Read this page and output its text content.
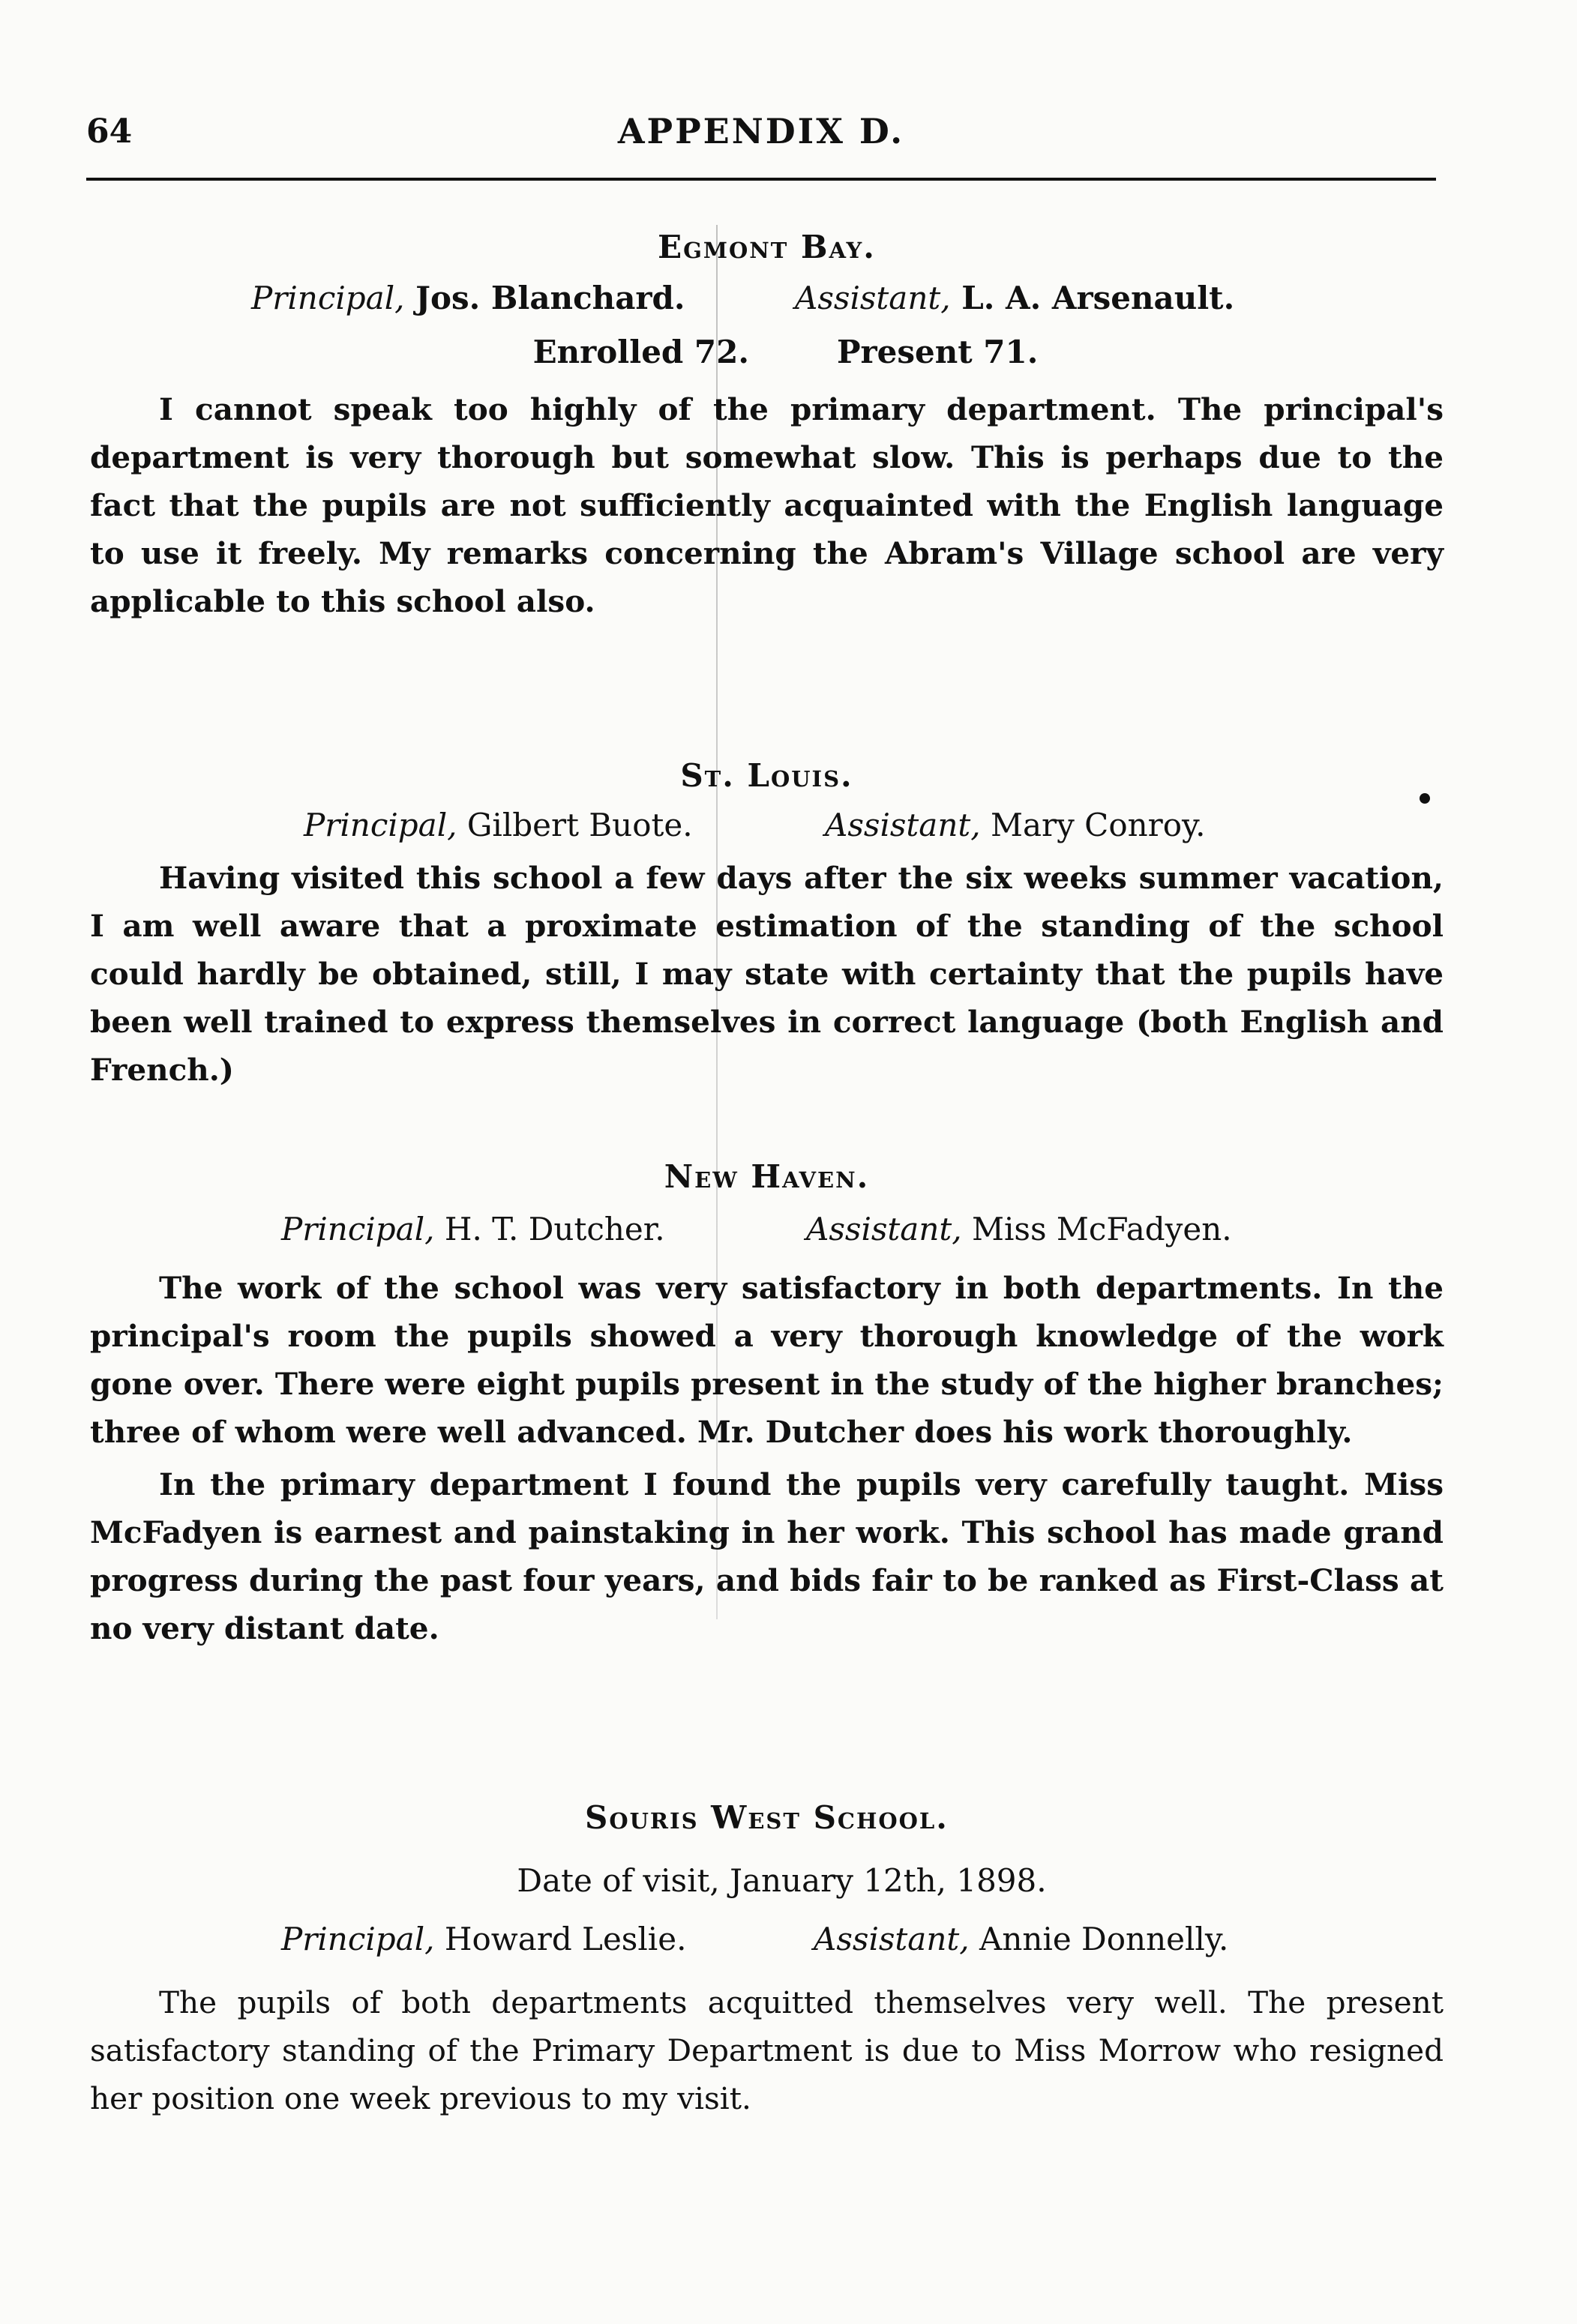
64	APPENDIX D.
Egmont Bay.
Principal, Jos. Blanchard.	Assistant, L. A. Arsenault.

Enrolled 72.        Present 71.

I cannot speak too highly of the primary department. The principal's department is very thorough but somewhat slow. This is perhaps due to the fact that the pupils are not sufficiently acquainted with the English language to use it freely. My remarks concerning the Abram's Village school are very applicable to this school also.

St. Louis.
Principal, Gilbert Buote.	Assistant, Mary Conroy.

Having visited this school a few days after the six weeks summer vacation, I am well aware that a proximate estimation of the standing of the school could hardly be obtained, still, I may state with certainty that the pupils have been well trained to express themselves in correct language (both English and French.)

New Haven.
Principal, H. T. Dutcher.	Assistant, Miss McFadyen.

The work of the school was very satisfactory in both departments. In the principal's room the pupils showed a very thorough knowledge of the work gone over. There were eight pupils present in the study of the higher branches; three of whom were well advanced. Mr. Dutcher does his work thoroughly.

In the primary department I found the pupils very carefully taught. Miss McFadyen is earnest and painstaking in her work. This school has made grand progress during the past four years, and bids fair to be ranked as First-Class at no very distant date.

Souris West School.

Date of visit, January 12th, 1898.

Principal, Howard Leslie.	Assistant, Annie Donnelly.

The pupils of both departments acquitted themselves very well. The present satisfactory standing of the Primary Department is due to Miss Morrow who resigned her position one week previous to my visit.
